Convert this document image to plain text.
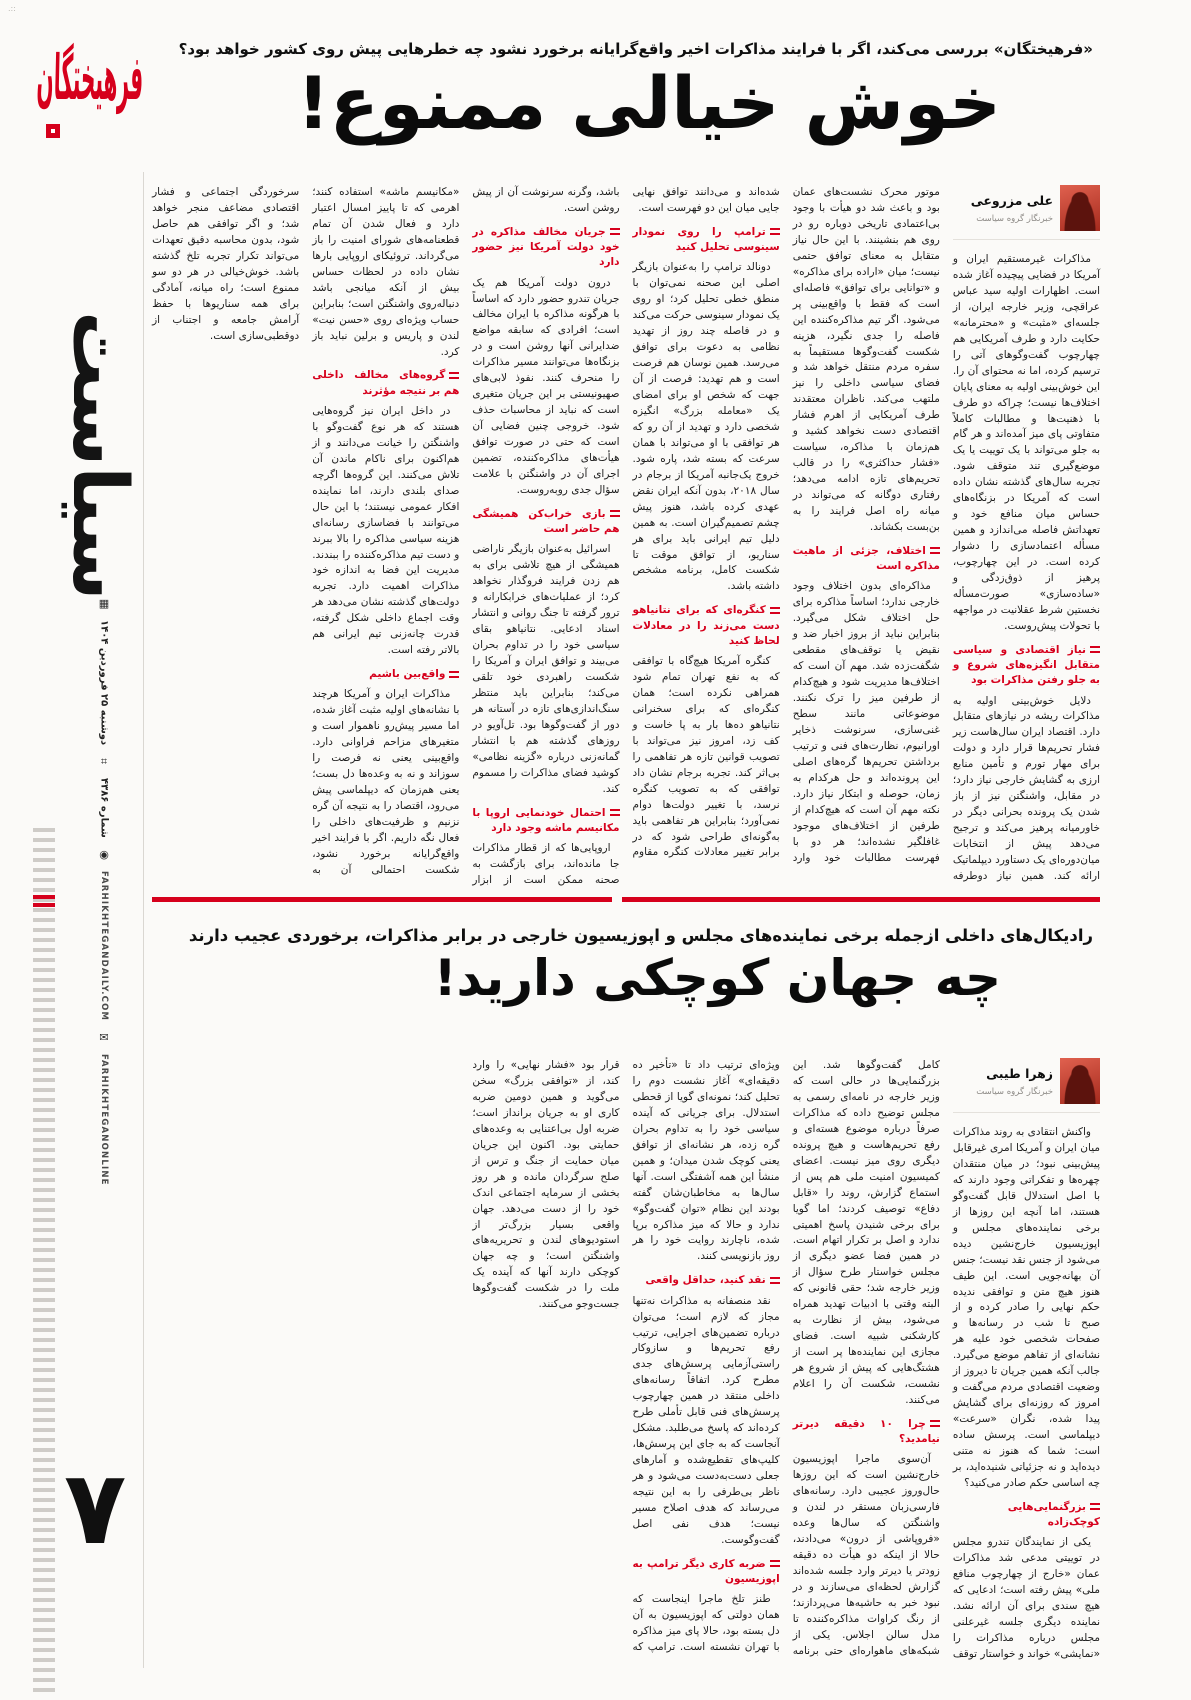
.::
فرهیختگان
سیاست
▦
دوشنبه ۲۵ فروردین ۱۴۰۴
⌗
شماره ۴۳۸۶
◉
FARHIKHTEGANDAILY.COM
✉
FARHIKHTEGANONLINE
۷
«فرهیختگان» بررسی می‌کند، اگر با فرایند مذاکرات اخیر واقع‌گرایانه برخورد نشود چه خطرهایی پیش روی کشور خواهد بود؟
خوش خیالی ممنوع!
علی مزروعی
خبرنگار گروه سیاست

مذاکرات غیرمستقیم ایران و آمریکا در فضایی پیچیده آغاز شده است. اظهارات اولیه سید عباس عراقچی، وزیر خارجه ایران، از جلسه‌ای «مثبت» و «محترمانه» حکایت دارد و طرف آمریکایی هم چهارچوب گفت‌وگوهای آتی را ترسیم کرده، اما نه محتوای آن را. این خوش‌بینی اولیه به معنای پایان اختلاف‌ها نیست؛ چراکه دو طرف با ذهنیت‌ها و مطالبات کاملاً متفاوتی پای میز آمده‌اند و هر گام به جلو می‌تواند با یک توییت یا یک موضع‌گیری تند متوقف شود. تجربه سال‌های گذشته نشان داده است که آمریکا در بزنگاه‌های حساس میان منافع خود و تعهداتش فاصله می‌اندازد و همین مسأله اعتمادسازی را دشوار کرده است. در این چهارچوب، پرهیز از ذوق‌زدگی و «ساده‌سازی» صورت‌مسأله نخستین شرط عقلانیت در مواجهه با تحولات پیش‌روست.

نیاز اقتصادی و سیاسی متقابل انگیزه‌های شروع و به جلو رفتن مذاکرات بود

دلایل خوش‌بینی اولیه به مذاکرات ریشه در نیازهای متقابل دارد. اقتصاد ایران سال‌هاست زیر فشار تحریم‌ها قرار دارد و دولت برای مهار تورم و تأمین منابع ارزی به گشایش خارجی نیاز دارد؛ در مقابل، واشنگتن نیز از باز شدن یک پرونده بحرانی دیگر در خاورمیانه پرهیز می‌کند و ترجیح می‌دهد پیش از انتخابات میان‌دوره‌ای یک دستاورد دیپلماتیک ارائه کند. همین نیاز دوطرفه موتور محرک نشست‌های عمان بود و باعث شد دو هیأت با وجود بی‌اعتمادی تاریخی دوباره رو در روی هم بنشینند. با این حال نیاز متقابل به معنای توافق حتمی نیست؛ میان «اراده برای مذاکره» و «توانایی برای توافق» فاصله‌ای است که فقط با واقع‌بینی پر می‌شود. اگر تیم مذاکره‌کننده این فاصله را جدی نگیرد، هزینه شکست گفت‌وگوها مستقیماً به سفره مردم منتقل خواهد شد و فضای سیاسی داخلی را نیز ملتهب می‌کند. ناظران معتقدند طرف آمریکایی از اهرم فشار اقتصادی دست نخواهد کشید و هم‌زمان با مذاکره، سیاست «فشار حداکثری» را در قالب تحریم‌های تازه ادامه می‌دهد؛ رفتاری دوگانه که می‌تواند در میانه راه اصل فرایند را به بن‌بست بکشاند.

اختلاف، جزئی از ماهیت مذاکره است

مذاکره‌ای بدون اختلاف وجود خارجی ندارد؛ اساساً مذاکره برای حل اختلاف شکل می‌گیرد. بنابراین نباید از بروز اخبار ضد و نقیض یا توقف‌های مقطعی شگفت‌زده شد. مهم آن است که اختلاف‌ها مدیریت شود و هیچ‌کدام از طرفین میز را ترک نکنند. موضوعاتی مانند سطح غنی‌سازی، سرنوشت ذخایر اورانیوم، نظارت‌های فنی و ترتیب برداشتن تحریم‌ها گره‌های اصلی این پرونده‌اند و حل هرکدام به زمان، حوصله و ابتکار نیاز دارد. نکته مهم آن است که هیچ‌کدام از طرفین از اختلاف‌های موجود غافلگیر نشده‌اند؛ هر دو با فهرست مطالبات خود وارد شده‌اند و می‌دانند توافق نهایی جایی میان این دو فهرست است.

ترامپ را روی نمودار سینوسی تحلیل کنید

دونالد ترامپ را به‌عنوان بازیگر اصلی این صحنه نمی‌توان با منطق خطی تحلیل کرد؛ او روی یک نمودار سینوسی حرکت می‌کند و در فاصله چند روز از تهدید نظامی به دعوت برای توافق می‌رسد. همین نوسان هم فرصت است و هم تهدید: فرصت از آن جهت که شخص او برای امضای یک «معامله بزرگ» انگیزه شخصی دارد و تهدید از آن رو که هر توافقی با او می‌تواند با همان سرعت که بسته شد، پاره شود. خروج یک‌جانبه آمریکا از برجام در سال ۲۰۱۸، بدون آنکه ایران نقض عهدی کرده باشد، هنوز پیش چشم تصمیم‌گیران است. به همین دلیل تیم ایرانی باید برای هر سناریو، از توافق موقت تا شکست کامل، برنامه مشخص داشته باشد.

کنگره‌ای که برای نتانیاهو دست می‌زند را در معادلات لحاظ کنید

کنگره آمریکا هیچ‌گاه با توافقی که به نفع تهران تمام شود همراهی نکرده است؛ همان کنگره‌ای که برای سخنرانی نتانیاهو ده‌ها بار به پا خاست و کف زد، امروز نیز می‌تواند با تصویب قوانین تازه هر تفاهمی را بی‌اثر کند. تجربه برجام نشان داد توافقی که به تصویب کنگره نرسد، با تغییر دولت‌ها دوام نمی‌آورد؛ بنابراین هر تفاهمی باید به‌گونه‌ای طراحی شود که در برابر تغییر معادلات کنگره مقاوم باشد، وگرنه سرنوشت آن از پیش روشن است.

جریان مخالف مذاکره در خود دولت آمریکا نیز حضور دارد

درون دولت آمریکا هم یک جریان تندرو حضور دارد که اساساً با هرگونه مذاکره با ایران مخالف است؛ افرادی که سابقه مواضع ضدایرانی آنها روشن است و در بزنگاه‌ها می‌توانند مسیر مذاکرات را منحرف کنند. نفوذ لابی‌های صهیونیستی بر این جریان متغیری است که نباید از محاسبات حذف شود. خروجی چنین فضایی آن است که حتی در صورت توافق هیأت‌های مذاکره‌کننده، تضمین اجرای آن در واشنگتن با علامت سؤال جدی روبه‌روست.

بازی خراب‌کن همیشگی هم حاضر است

اسرائیل به‌عنوان بازیگر ناراضی همیشگی از هیچ تلاشی برای به هم زدن فرایند فروگذار نخواهد کرد؛ از عملیات‌های خرابکارانه و ترور گرفته تا جنگ روانی و انتشار اسناد ادعایی. نتانیاهو بقای سیاسی خود را در تداوم بحران می‌بیند و توافق ایران و آمریکا را شکست راهبردی خود تلقی می‌کند؛ بنابراین باید منتظر سنگ‌اندازی‌های تازه در آستانه هر دور از گفت‌وگوها بود. تل‌آویو در روزهای گذشته هم با انتشار گمانه‌زنی درباره «گزینه نظامی» کوشید فضای مذاکرات را مسموم کند.

احتمال خودنمایی اروپا با مکانیسم ماشه وجود دارد

اروپایی‌ها که از قطار مذاکرات جا مانده‌اند، برای بازگشت به صحنه ممکن است از ابزار «مکانیسم ماشه» استفاده کنند؛ اهرمی که تا پاییز امسال اعتبار دارد و فعال شدن آن تمام قطعنامه‌های شورای امنیت را باز می‌گرداند. تروئیکای اروپایی بارها نشان داده در لحظات حساس بیش از آنکه میانجی باشد دنباله‌روی واشنگتن است؛ بنابراین حساب ویژه‌ای روی «حسن نیت» لندن و پاریس و برلین نباید باز کرد.

گروه‌های مخالف داخلی هم بر نتیجه مؤثرند

در داخل ایران نیز گروه‌هایی هستند که هر نوع گفت‌وگو با واشنگتن را خیانت می‌دانند و از هم‌اکنون برای ناکام ماندن آن تلاش می‌کنند. این گروه‌ها اگرچه صدای بلندی دارند، اما نماینده افکار عمومی نیستند؛ با این حال می‌توانند با فضاسازی رسانه‌ای هزینه سیاسی مذاکره را بالا ببرند و دست تیم مذاکره‌کننده را ببندند. مدیریت این فضا به اندازه خود مذاکرات اهمیت دارد. تجربه دولت‌های گذشته نشان می‌دهد هر وقت اجماع داخلی شکل گرفته، قدرت چانه‌زنی تیم ایرانی هم بالاتر رفته است.

واقع‌بین باشیم

مذاکرات ایران و آمریکا هرچند با نشانه‌های اولیه مثبت آغاز شده، اما مسیر پیش‌رو ناهموار است و متغیرهای مزاحم فراوانی دارد. واقع‌بینی یعنی نه فرصت را سوزاند و نه به وعده‌ها دل بست؛ یعنی هم‌زمان که دیپلماسی پیش می‌رود، اقتصاد را به نتیجه آن گره نزنیم و ظرفیت‌های داخلی را فعال نگه داریم. اگر با فرایند اخیر واقع‌گرایانه برخورد نشود، شکست احتمالی آن به سرخوردگی اجتماعی و فشار اقتصادی مضاعف منجر خواهد شد؛ و اگر توافقی هم حاصل شود، بدون محاسبه دقیق تعهدات می‌تواند تکرار تجربه تلخ گذشته باشد. خوش‌خیالی در هر دو سو ممنوع است؛ راه میانه، آمادگی برای همه سناریوها با حفظ آرامش جامعه و اجتناب از دوقطبی‌سازی است.

رادیکال‌های داخلی ازجمله برخی نماینده‌های مجلس و اپوزیسیون خارجی در برابر مذاکرات، برخوردی عجیب دارند
چه جهان کوچکی دارید!
زهرا طیبی
خبرنگار گروه سیاست

واکنش انتقادی به روند مذاکرات میان ایران و آمریکا امری غیرقابل پیش‌بینی نبود؛ در میان منتقدان چهره‌ها و تفکراتی وجود دارند که با اصل استدلال قابل گفت‌وگو هستند، اما آنچه این روزها از برخی نماینده‌های مجلس و اپوزیسیون خارج‌نشین دیده می‌شود از جنس نقد نیست؛ جنس آن بهانه‌جویی است. این طیف هنوز هیچ متن و توافقی ندیده حکم نهایی را صادر کرده و از صبح تا شب در رسانه‌ها و صفحات شخصی خود علیه هر نشانه‌ای از تفاهم موضع می‌گیرد. جالب آنکه همین جریان تا دیروز از وضعیت اقتصادی مردم می‌گفت و امروز که روزنه‌ای برای گشایش پیدا شده، نگران «سرعت» دیپلماسی است. پرسش ساده است: شما که هنوز نه متنی دیده‌اید و نه جزئیاتی شنیده‌اید، بر چه اساسی حکم صادر می‌کنید؟

بزرگنمایی‌هایی کوچک‌زاده

یکی از نمایندگان تندرو مجلس در توییتی مدعی شد مذاکرات عمان «خارج از چهارچوب منافع ملی» پیش رفته است؛ ادعایی که هیچ سندی برای آن ارائه نشد. نماینده دیگری جلسه غیرعلنی مجلس درباره مذاکرات را «نمایشی» خواند و خواستار توقف کامل گفت‌وگوها شد. این بزرگنمایی‌ها در حالی است که وزیر خارجه در نامه‌ای رسمی به مجلس توضیح داده که مذاکرات صرفاً درباره موضوع هسته‌ای و رفع تحریم‌هاست و هیچ پرونده دیگری روی میز نیست. اعضای کمیسیون امنیت ملی هم پس از استماع گزارش، روند را «قابل دفاع» توصیف کردند؛ اما گویا برای برخی شنیدن پاسخ اهمیتی ندارد و اصل بر تکرار اتهام است. در همین فضا عضو دیگری از مجلس خواستار طرح سؤال از وزیر خارجه شد؛ حقی قانونی که البته وقتی با ادبیات تهدید همراه می‌شود، بیش از نظارت به کارشکنی شبیه است. فضای مجازی این نماینده‌ها پر است از هشتگ‌هایی که پیش از شروع هر نشست، شکست آن را اعلام می‌کنند.

چرا ۱۰ دقیقه دیرتر نیامدید؟

آن‌سوی ماجرا اپوزیسیون خارج‌نشین است که این روزها حال‌وروز عجیبی دارد. رسانه‌های فارسی‌زبان مستقر در لندن و واشنگتن که سال‌ها وعده «فروپاشی از درون» می‌دادند، حالا از اینکه دو هیأت ده دقیقه زودتر یا دیرتر وارد جلسه شده‌اند گزارش لحظه‌ای می‌سازند و در نبود خبر به حاشیه‌ها می‌پردازند؛ از رنگ کراوات مذاکره‌کننده تا مدل سالن اجلاس. یکی از شبکه‌های ماهواره‌ای حتی برنامه ویژه‌ای ترتیب داد تا «تأخیر ده دقیقه‌ای» آغاز نشست دوم را تحلیل کند؛ نمونه‌ای گویا از قحطی استدلال. برای جریانی که آینده سیاسی خود را به تداوم بحران گره زده، هر نشانه‌ای از توافق یعنی کوچک شدن میدان؛ و همین منشأ این همه آشفتگی است. آنها سال‌ها به مخاطبان‌شان گفته بودند این نظام «توان گفت‌وگو» ندارد و حالا که میز مذاکره برپا شده، ناچارند روایت خود را هر روز بازنویسی کنند.

نقد کنید، حداقل واقعی

نقد منصفانه به مذاکرات نه‌تنها مجاز که لازم است؛ می‌توان درباره تضمین‌های اجرایی، ترتیب رفع تحریم‌ها و سازوکار راستی‌آزمایی پرسش‌های جدی مطرح کرد. اتفاقاً رسانه‌های داخلی منتقد در همین چهارچوب پرسش‌های فنی قابل تأملی طرح کرده‌اند که پاسخ می‌طلبد. مشکل آنجاست که به جای این پرسش‌ها، کلیپ‌های تقطیع‌شده و آمارهای جعلی دست‌به‌دست می‌شود و هر ناظر بی‌طرفی را به این نتیجه می‌رساند که هدف اصلاح مسیر نیست؛ هدف نفی اصل گفت‌وگوست.

ضربه کاری دیگر ترامپ به اپوزیسیون

طنز تلخ ماجرا اینجاست که همان دولتی که اپوزیسیون به آن دل بسته بود، حالا پای میز مذاکره با تهران نشسته است. ترامپ که قرار بود «فشار نهایی» را وارد کند، از «توافقی بزرگ» سخن می‌گوید و همین دومین ضربه کاری او به جریان برانداز است؛ ضربه اول بی‌اعتنایی به وعده‌های حمایتی بود. اکنون این جریان میان حمایت از جنگ و ترس از صلح سرگردان مانده و هر روز بخشی از سرمایه اجتماعی اندک خود را از دست می‌دهد. جهان واقعی بسیار بزرگ‌تر از استودیوهای لندن و تحریریه‌های واشنگتن است؛ و چه جهان کوچکی دارند آنها که آینده یک ملت را در شکست گفت‌وگوها جست‌وجو می‌کنند.
